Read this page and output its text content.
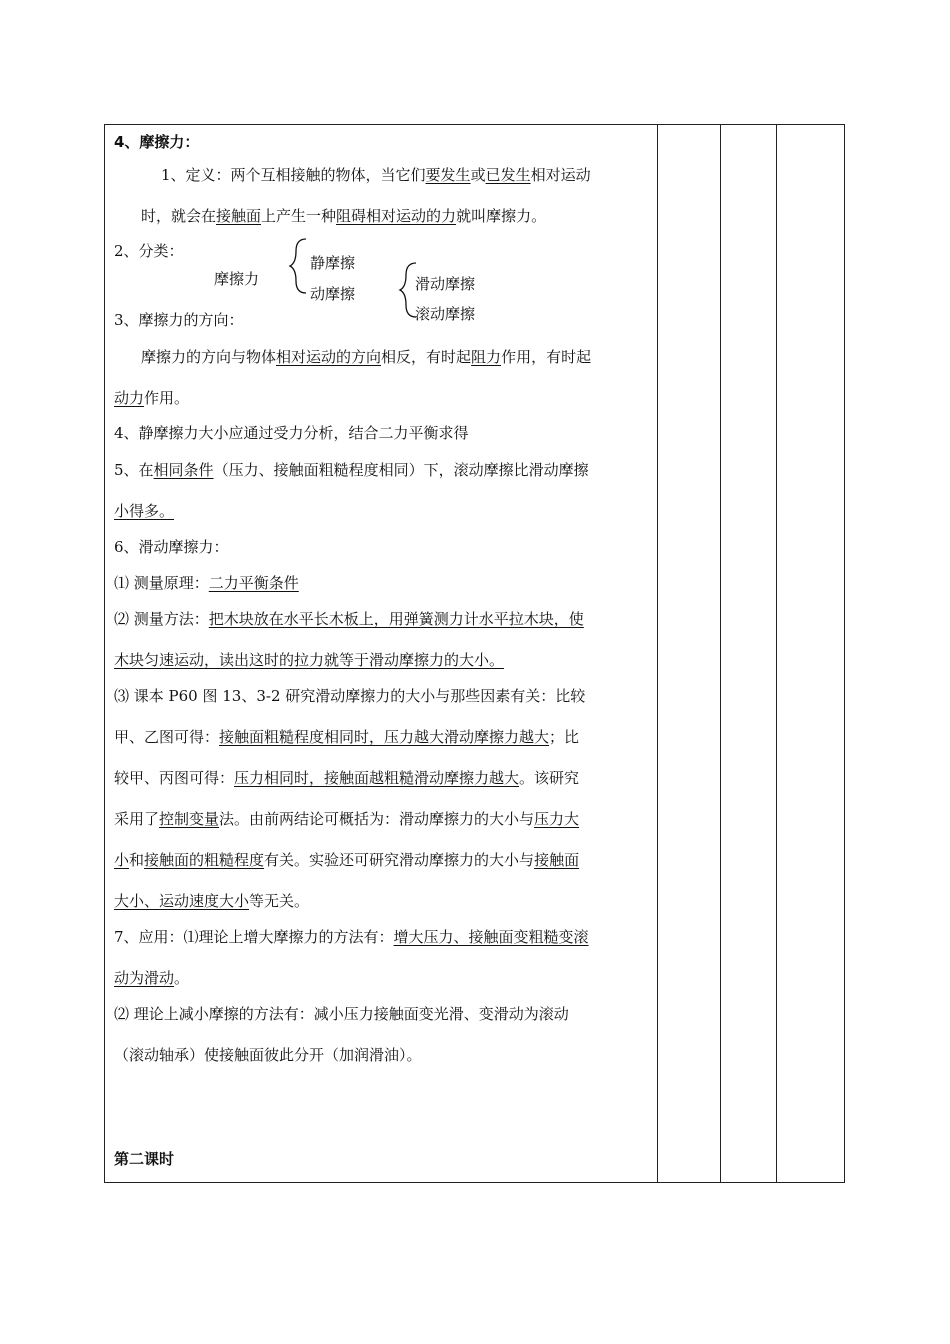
4、摩擦力：
1、定义：两个互相接触的物体，当它们要发生或已发生相对运动
时，就会在接触面上产生一种阻碍相对运动的力就叫摩擦力。
2、分类：
摩擦力
静摩擦
动摩擦
滑动摩擦
滚动摩擦
3、摩擦力的方向：
摩擦力的方向与物体相对运动的方向相反，有时起阻力作用，有时起
动力作用。
4、静摩擦力大小应通过受力分析，结合二力平衡求得
5、在相同条件（压力、接触面粗糙程度相同）下，滚动摩擦比滑动摩擦
小得多。
6、滑动摩擦力：
⑴ 测量原理：二力平衡条件
⑵ 测量方法：把木块放在水平长木板上，用弹簧测力计水平拉木块，使
木块匀速运动，读出这时的拉力就等于滑动摩擦力的大小。
⑶ 课本 P60 图 13、3-2 研究滑动摩擦力的大小与那些因素有关：比较
甲、乙图可得：接触面粗糙程度相同时，压力越大滑动摩擦力越大；比
较甲、丙图可得：压力相同时，接触面越粗糙滑动摩擦力越大。该研究
采用了控制变量法。由前两结论可概括为：滑动摩擦力的大小与压力大
小和接触面的粗糙程度有关。实验还可研究滑动摩擦力的大小与接触面
大小、运动速度大小等无关。
7、应用：⑴理论上增大摩擦力的方法有：增大压力、接触面变粗糙变滚
动为滑动。
⑵ 理论上减小摩擦的方法有：减小压力接触面变光滑、变滑动为滚动
（滚动轴承）使接触面彼此分开（加润滑油）。
第二课时
